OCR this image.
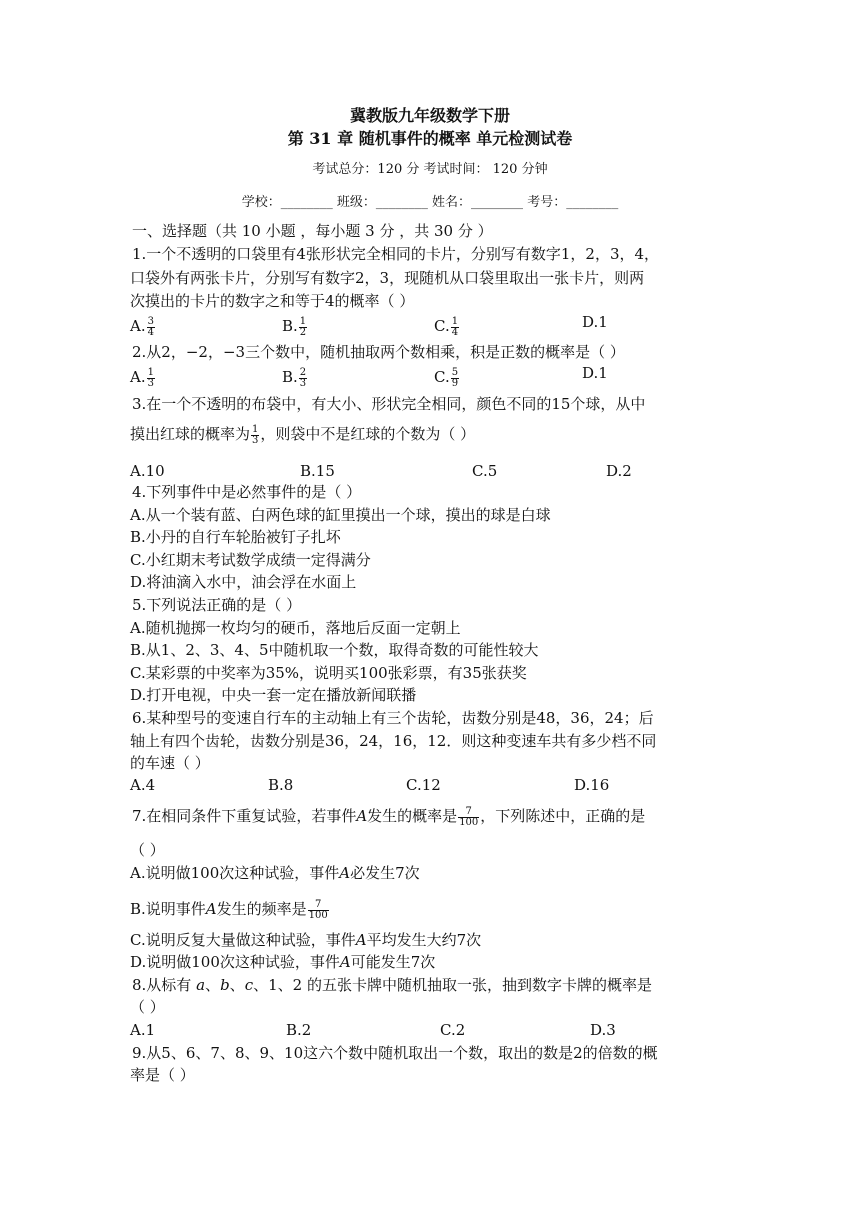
冀教版九年级数学下册
第 31 章 随机事件的概率 单元检测试卷
考试总分：120 分 考试时间： 120 分钟
学校：________ 班级：________ 姓名：________ 考号：________
一、选择题（共 10 小题 ，每小题 3 分 ，共 30 分 ）
1.一个不透明的口袋里有4张形状完全相同的卡片，分别写有数字1，2，3，4，
口袋外有两张卡片，分别写有数字2，3，现随机从口袋里取出一张卡片，则两
次摸出的卡片的数字之和等于4的概率（ ）
A. $\frac{3}{4}$	B. $\frac{1}{2}$	C. $\frac{1}{4}$	D.1
2.从2，−2，−3三个数中，随机抽取两个数相乘，积是正数的概率是（ ）
A. $\frac{1}{3}$	B. $\frac{2}{3}$	C. $\frac{5}{9}$	D.1
3.在一个不透明的布袋中，有大小、形状完全相同，颜色不同的15个球，从中
摸出红球的概率为 $\frac{1}{3}$ ，则袋中不是红球的个数为（ ）
A.10	B.15	C.5	D.2
4.下列事件中是必然事件的是（ ）
A.从一个装有蓝、白两色球的缸里摸出一个球，摸出的球是白球
B.小丹的自行车轮胎被钉子扎坏
C.小红期末考试数学成绩一定得满分
D.将油滴入水中，油会浮在水面上
5.下列说法正确的是（ ）
A.随机抛掷一枚均匀的硬币，落地后反面一定朝上
B.从1、2、3、4、5中随机取一个数，取得奇数的可能性较大
C.某彩票的中奖率为35%，说明买100张彩票，有35张获奖
D.打开电视，中央一套一定在播放新闻联播
6.某种型号的变速自行车的主动轴上有三个齿轮，齿数分别是48，36，24；后
轴上有四个齿轮，齿数分别是36，24，16，12．则这种变速车共有多少档不同
的车速（ ）
A.4	B.8	C.12	D.16
7.在相同条件下重复试验，若事件A发生的概率是 $\frac{7}{100}$ ，下列陈述中，正确的是
（ ）
A.说明做100次这种试验，事件A必发生7次
B.说明事件A发生的频率是 $\frac{7}{100}$
C.说明反复大量做这种试验，事件A平均发生大约7次
D.说明做100次这种试验，事件A可能发生7次
8.从标有 a、b、c、1、2 的五张卡牌中随机抽取一张，抽到数字卡牌的概率是
（ ）
A.1	B.2	C.2	D.3
9.从5、6、7、8、9、10这六个数中随机取出一个数，取出的数是2的倍数的概
率是（ ）
